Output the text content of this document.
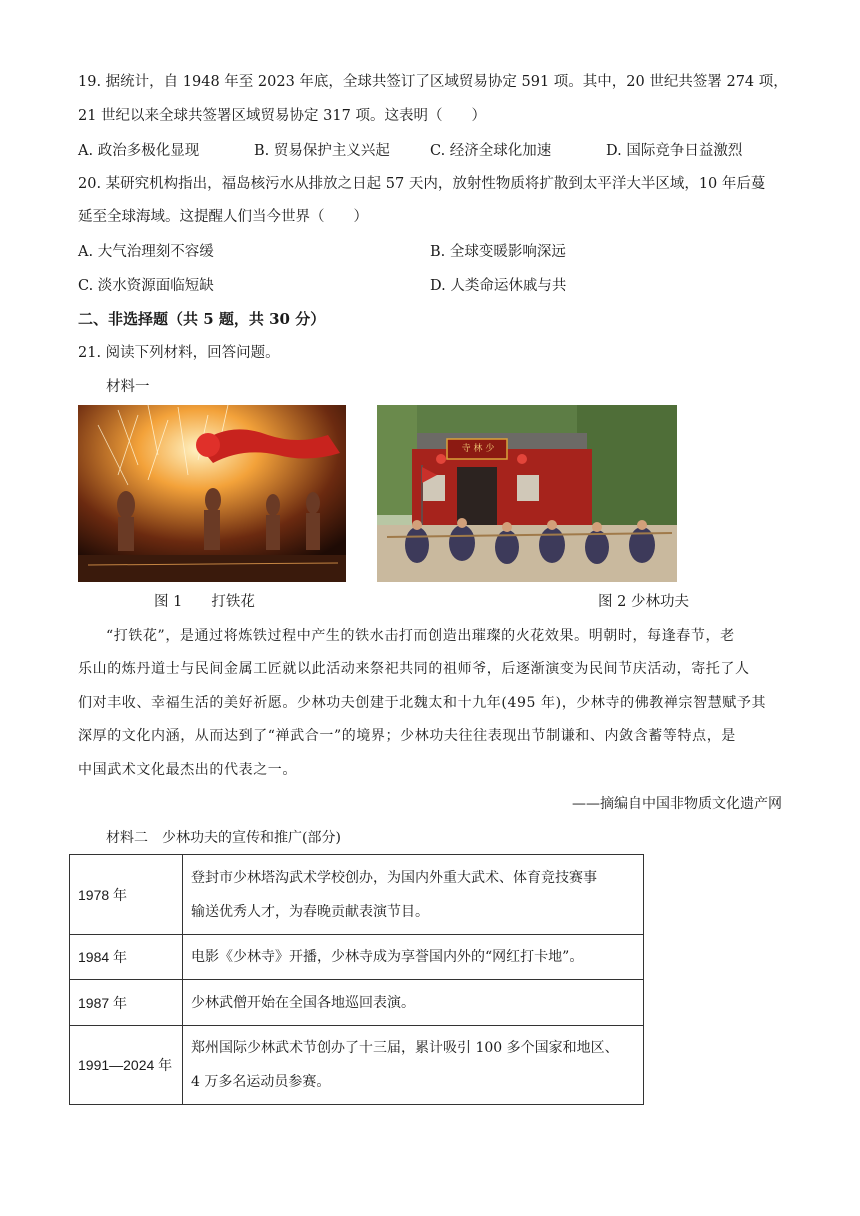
19. 据统计，自 1948 年至 2023 年底，全球共签订了区域贸易协定 591 项。其中，20 世纪共签署 274 项，
21 世纪以来全球共签署区域贸易协定 317 项。这表明（　　）
A. 政治多极化显现	B. 贸易保护主义兴起	C. 经济全球化加速	D. 国际竞争日益激烈
20. 某研究机构指出，福岛核污水从排放之日起 57 天内，放射性物质将扩散到太平洋大半区域，10 年后蔓
延至全球海域。这提醒人们当今世界（　　）
A. 大气治理刻不容缓	B. 全球变暖影响深远
C. 淡水资源面临短缺	D. 人类命运休戚与共
二、非选择题（共 5 题，共 30 分）
21. 阅读下列材料，回答问题。
材料一
寺 林 少
图 1　　打铁花	图 2 少林功夫
“打铁花”，是通过将炼铁过程中产生的铁水击打而创造出璀璨的火花效果。明朝时，每逢春节，老
乐山的炼丹道士与民间金属工匠就以此活动来祭祀共同的祖师爷，后逐渐演变为民间节庆活动，寄托了人
们对丰收、幸福生活的美好祈愿。少林功夫创建于北魏太和十九年(495 年)，少林寺的佛教禅宗智慧赋予其
深厚的文化内涵，从而达到了“禅武合一”的境界；少林功夫往往表现出节制谦和、内敛含蓄等特点，是
中国武术文化最杰出的代表之一。
——摘编自中国非物质文化遗产网
材料二　少林功夫的宣传和推广(部分)
1978 年	登封市少林塔沟武术学校创办，为国内外重大武术、体育竞技赛事
输送优秀人才，为春晚贡献表演节目。

1984 年	电影《少林寺》开播，少林寺成为享誉国内外的“网红打卡地”。

1987 年	少林武僧开始在全国各地巡回表演。

1991—2024 年	郑州国际少林武术节创办了十三届，累计吸引 100 多个国家和地区、
4 万多名运动员参赛。
